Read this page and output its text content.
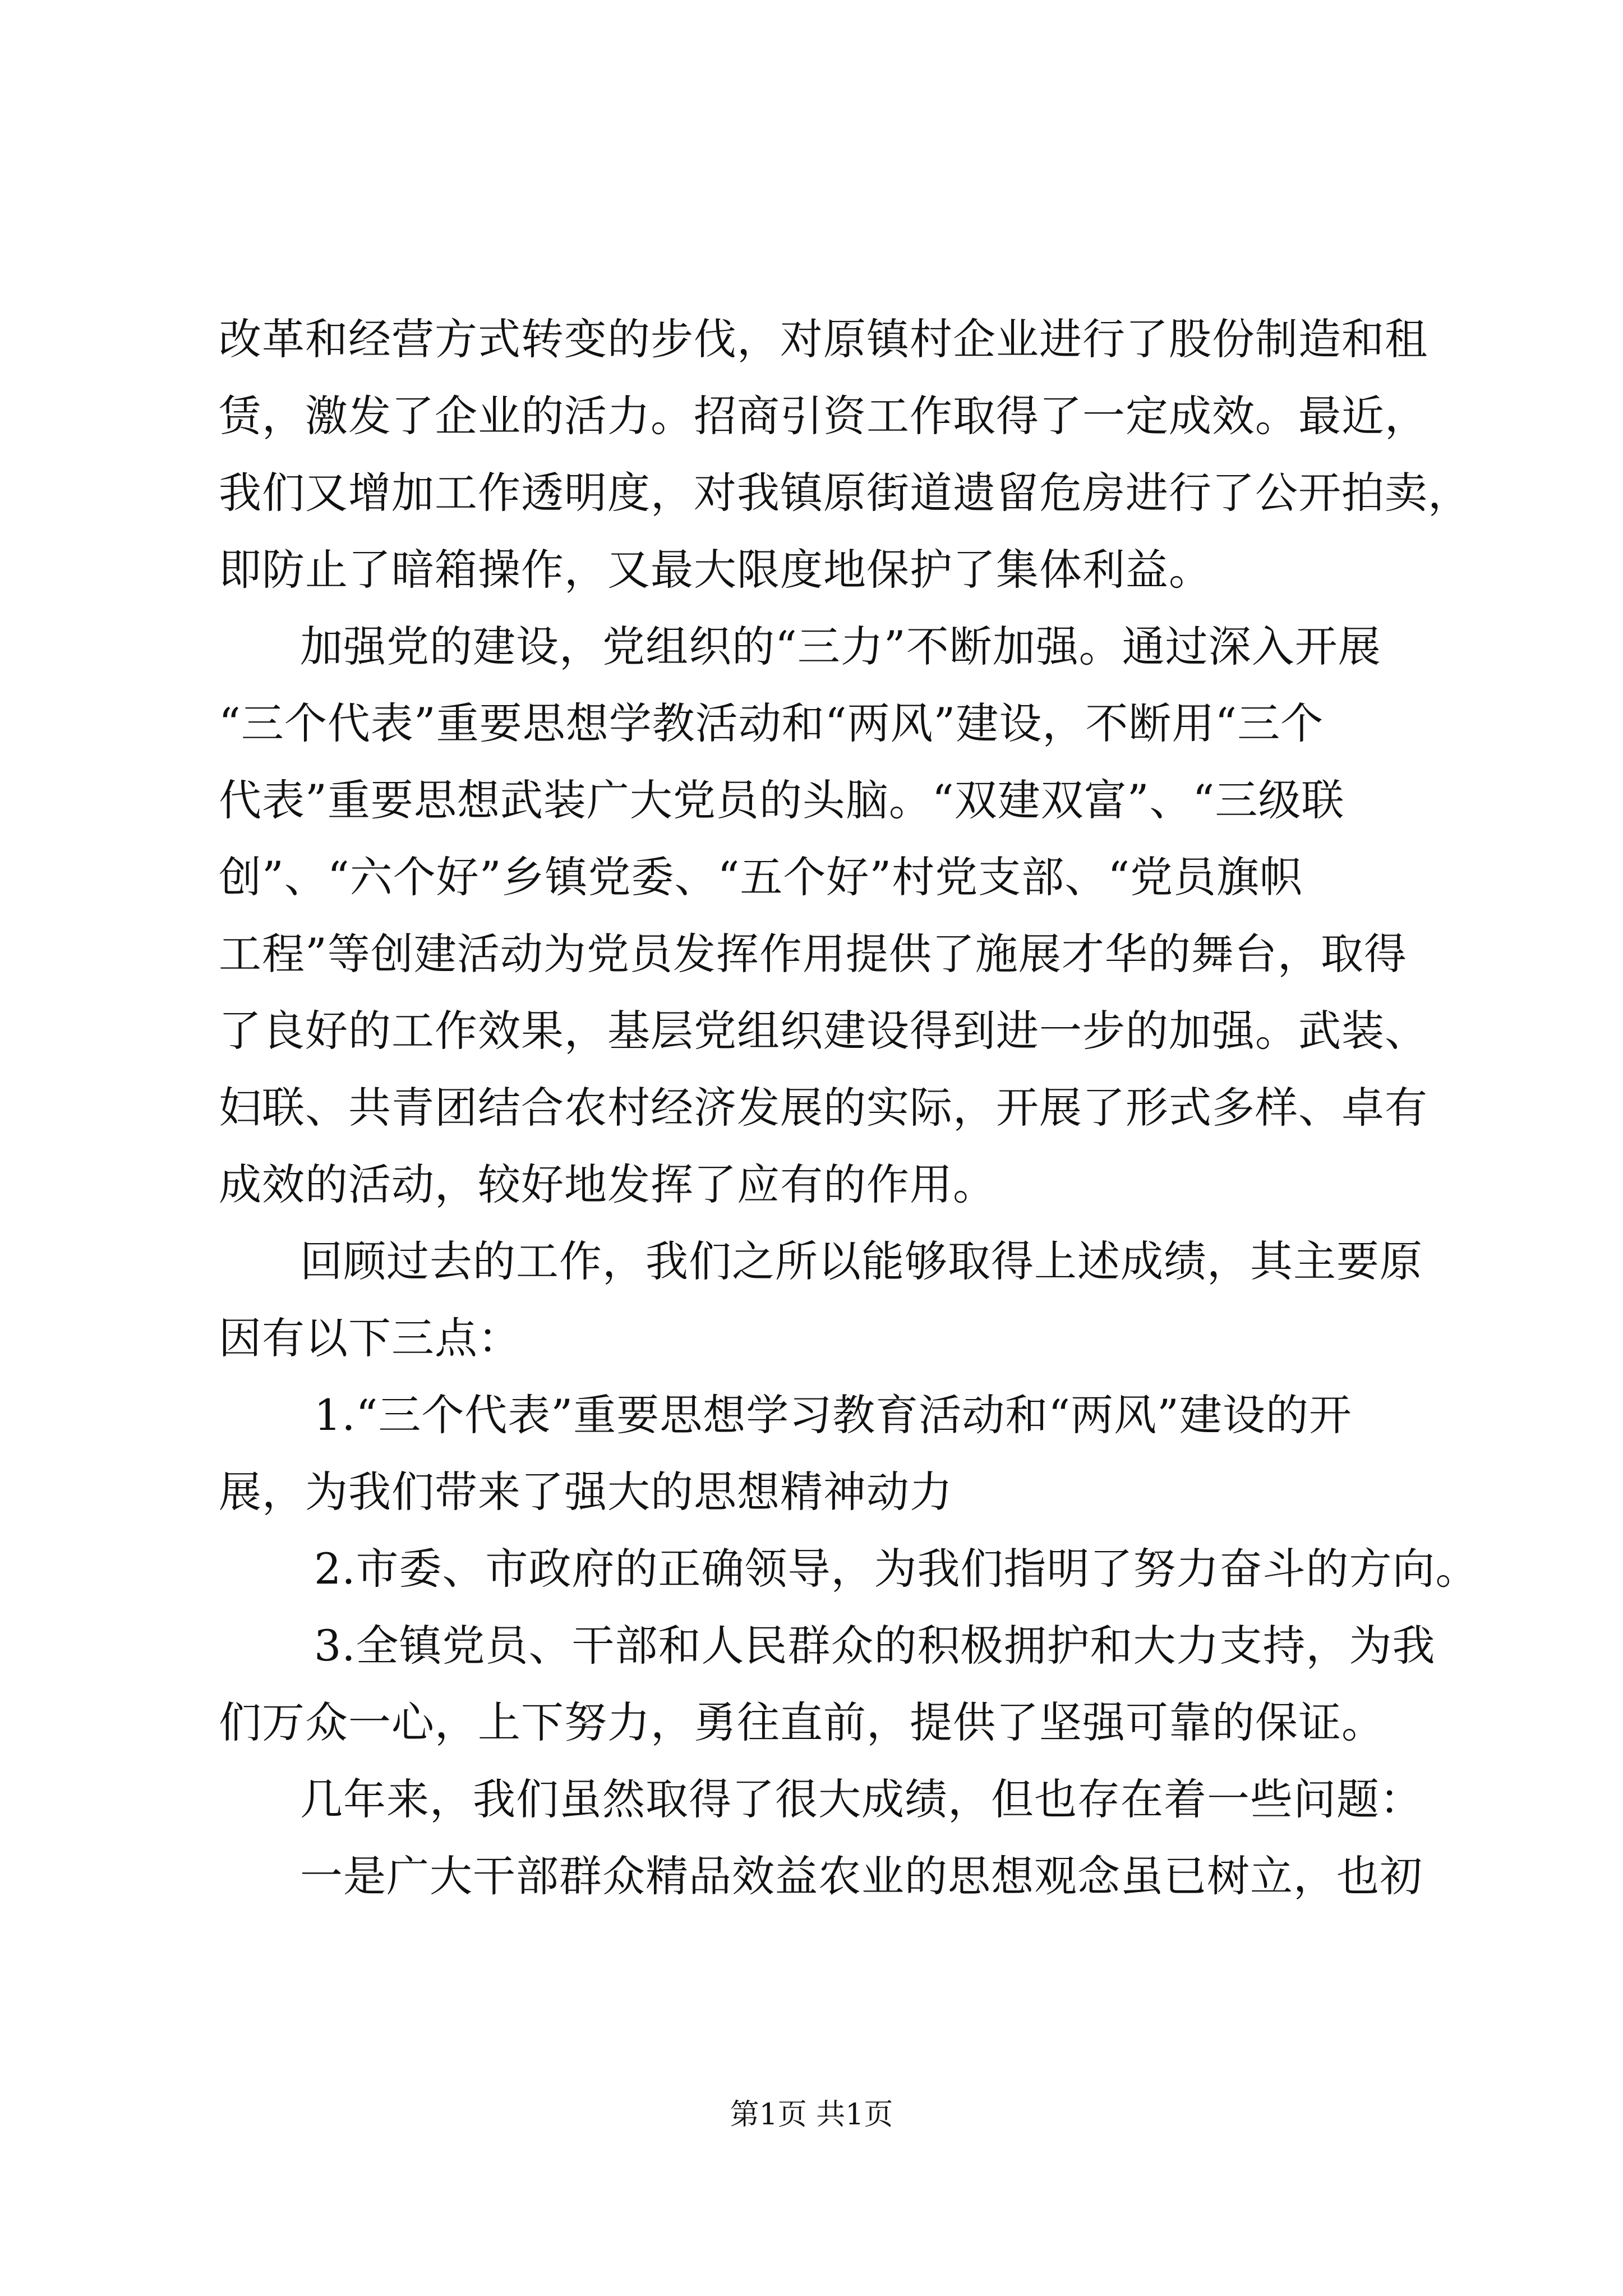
改革和经营方式转变的步伐，对原镇村企业进行了股份制造和租

赁，激发了企业的活力。招商引资工作取得了一定成效。最近，

我们又增加工作透明度，对我镇原街道遗留危房进行了公开拍卖，

即防止了暗箱操作，又最大限度地保护了集体利益。

加强党的建设，党组织的“三力”不断加强。通过深入开展

“三个代表”重要思想学教活动和“两风”建设，不断用“三个

代表”重要思想武装广大党员的头脑。“双建双富”、“三级联

创”、“六个好”乡镇党委、“五个好”村党支部、“党员旗帜

工程”等创建活动为党员发挥作用提供了施展才华的舞台，取得

了良好的工作效果，基层党组织建设得到进一步的加强。武装、

妇联、共青团结合农村经济发展的实际，开展了形式多样、卓有

成效的活动，较好地发挥了应有的作用。

回顾过去的工作，我们之所以能够取得上述成绩，其主要原

因有以下三点：

1.“三个代表”重要思想学习教育活动和“两风”建设的开

展，为我们带来了强大的思想精神动力

2.市委、市政府的正确领导，为我们指明了努力奋斗的方向。

3.全镇党员、干部和人民群众的积极拥护和大力支持，为我

们万众一心，上下努力，勇往直前，提供了坚强可靠的保证。

几年来，我们虽然取得了很大成绩，但也存在着一些问题：

一是广大干部群众精品效益农业的思想观念虽已树立，也初

第1页 共1页
